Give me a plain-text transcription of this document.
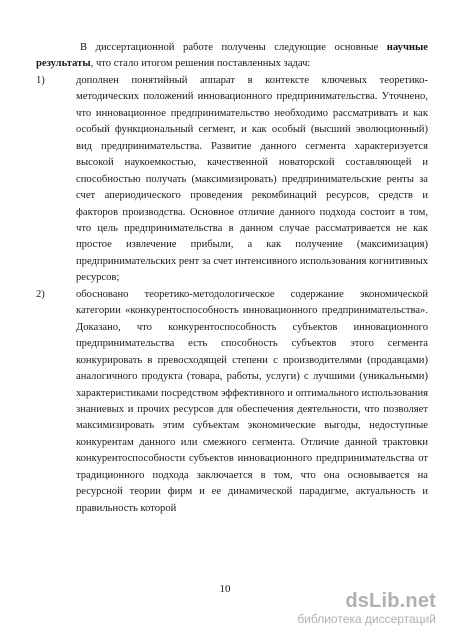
В диссертационной работе получены следующие основные научные результаты, что стало итогом решения поставленных задач:

1)	дополнен понятийный аппарат в контексте ключевых теоретико-методических положений инновационного предпринимательства. Уточнено, что инновационное предпринимательство необходимо рассматривать и как особый функциональный сегмент, и как особый (высший эволюционный) вид предпринимательства. Развитие данного сегмента характеризуется высокой наукоемкостью, качественной новаторской составляющей и способностью получать (максимизировать) предпринимательские ренты за счет апериодического проведения рекомбинаций ресурсов, средств и факторов производства. Основное отличие данного подхода состоит в том, что цель предпринимательства в данном случае рассматривается не как простое извлечение прибыли, а как получение (максимизация) предпринимательских рент за счет интенсивного использования когнитивных ресурсов;
2)	обосновано теоретико-методологическое содержание экономической категории «конкурентоспособность инновационного предпринимательства». Доказано, что конкурентоспособность субъектов инновационного предпринимательства есть способность субъектов этого сегмента конкурировать в превосходящей степени с производителями (продавцами) аналогичного продукта (товара, работы, услуги) с лучшими (уникальными) характеристиками посредством эффективного и оптимального использования знаниевых и прочих ресурсов для обеспечения деятельности, что позволяет максимизировать этим субъектам экономические выгоды, недоступные конкурентам данного или смежного сегмента. Отличие данной трактовки конкурентоспособности субъектов инновационного предпринимательства от традиционного подхода заключается в том, что она основывается на ресурсной теории фирм и ее динамической парадигме, актуальность и правильность которой
10
dsLib.net
библиотека диссертаций
